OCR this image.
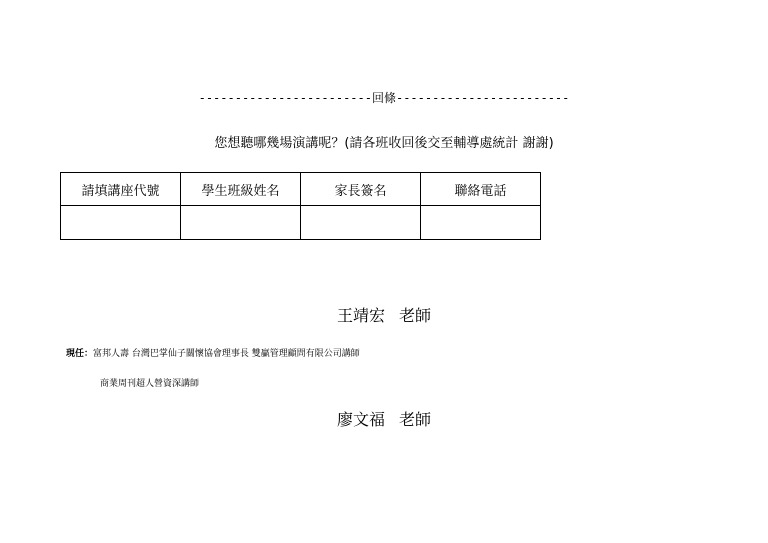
------------------------回條------------------------
您想聽哪幾場演講呢？(請各班收回後交至輔導處統計 謝謝)
請填講座代號	學生班級姓名	家長簽名	聯絡電話

王靖宏 老師
現任：富邦人壽 台灣巴掌仙子關懷協會理事長 雙贏管理顧問有限公司講師
商業周刊超人營資深講師
廖文福 老師
